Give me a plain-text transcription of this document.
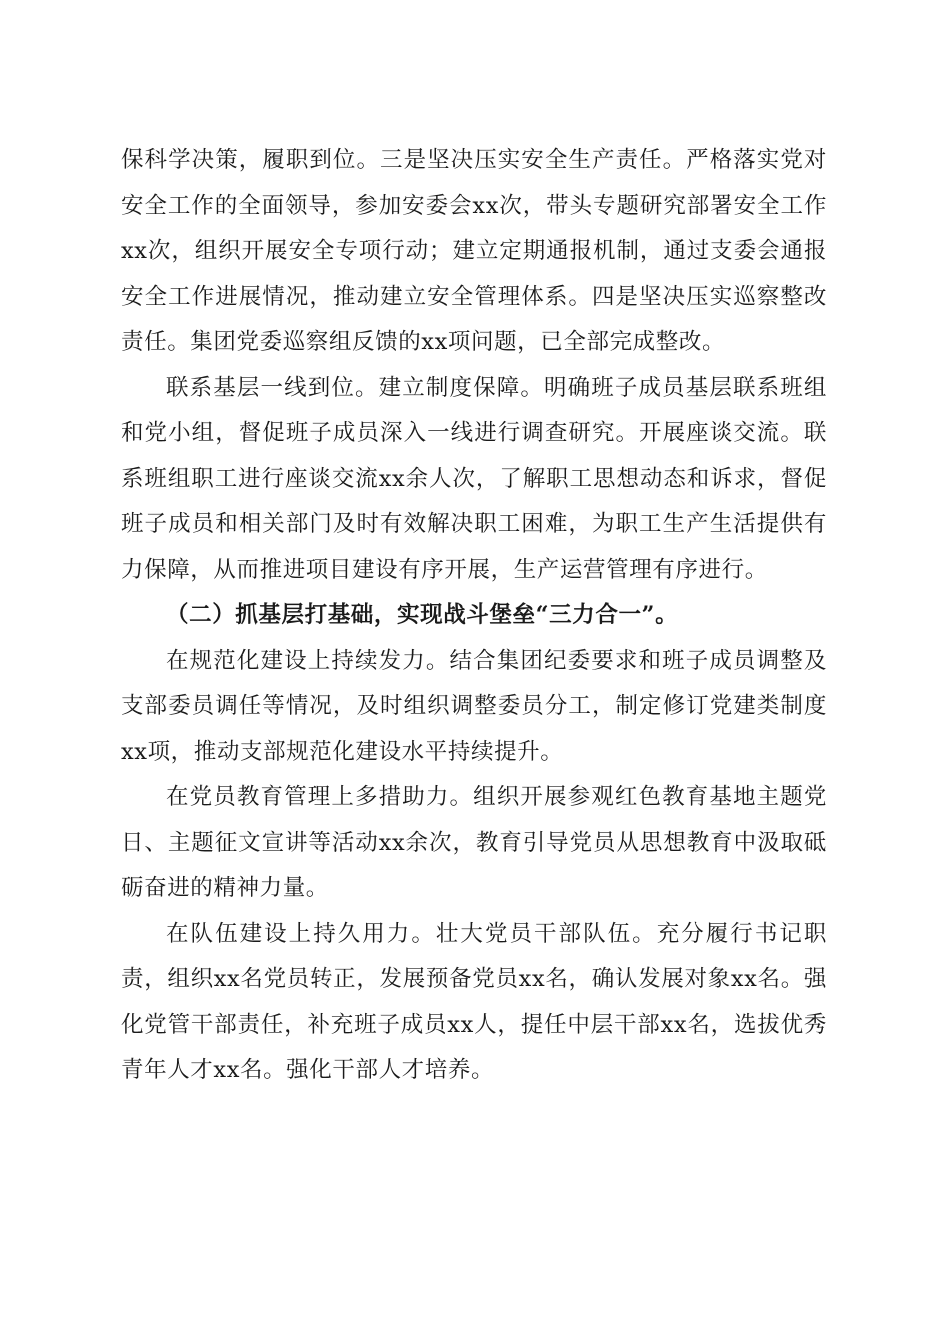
保科学决策，履职到位。三是坚决压实安全生产责任。严格落实党对安全工作的全面领导，参加安委会xx次，带头专题研究部署安全工作xx次，组织开展安全专项行动；建立定期通报机制，通过支委会通报安全工作进展情况，推动建立安全管理体系。四是坚决压实巡察整改责任。集团党委巡察组反馈的xx项问题，已全部完成整改。

联系基层一线到位。建立制度保障。明确班子成员基层联系班组和党小组，督促班子成员深入一线进行调查研究。开展座谈交流。联系班组职工进行座谈交流xx余人次，了解职工思想动态和诉求，督促班子成员和相关部门及时有效解决职工困难，为职工生产生活提供有力保障，从而推进项目建设有序开展，生产运营管理有序进行。

（二）抓基层打基础，实现战斗堡垒“三力合一”。

在规范化建设上持续发力。结合集团纪委要求和班子成员调整及支部委员调任等情况，及时组织调整委员分工，制定修订党建类制度xx项，推动支部规范化建设水平持续提升。

在党员教育管理上多措助力。组织开展参观红色教育基地主题党日、主题征文宣讲等活动xx余次，教育引导党员从思想教育中汲取砥砺奋进的精神力量。

在队伍建设上持久用力。壮大党员干部队伍。充分履行书记职责，组织xx名党员转正，发展预备党员xx名，确认发展对象xx名。强化党管干部责任，补充班子成员xx人，提任中层干部xx名，选拔优秀青年人才xx名。强化干部人才培养。
